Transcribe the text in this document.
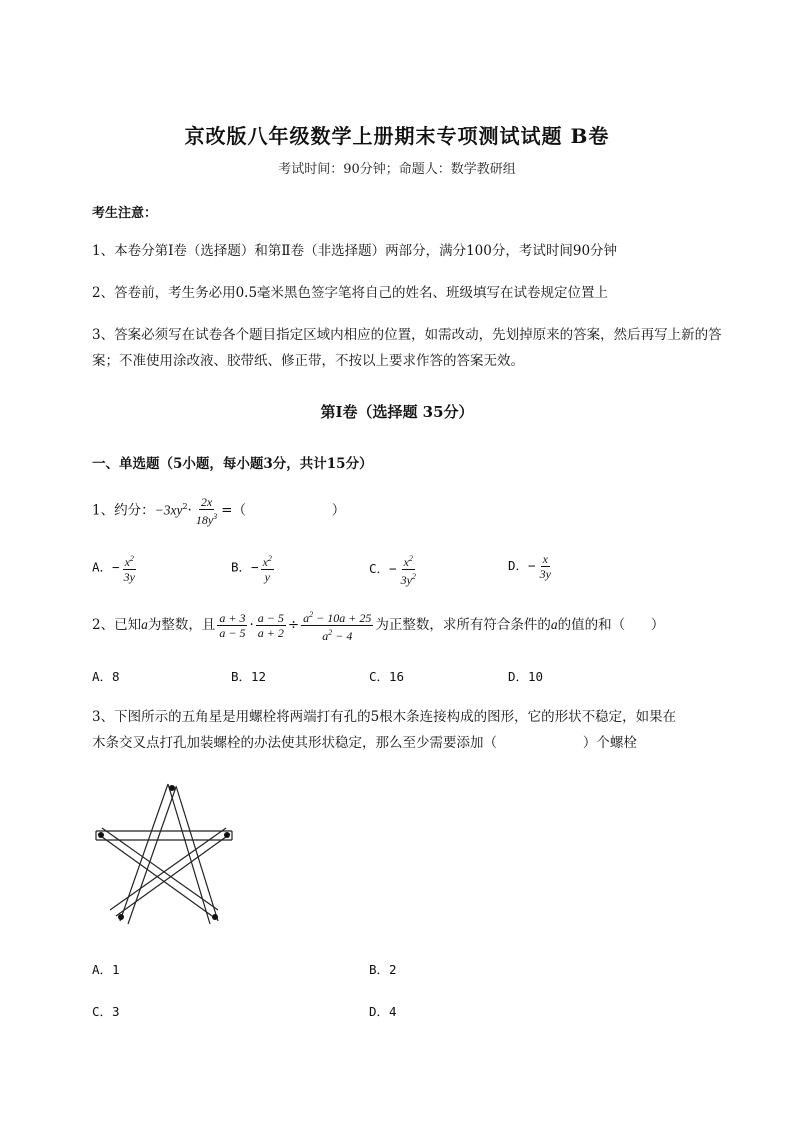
京改版八年级数学上册期末专项测试试题 B卷
考试时间：90分钟；命题人：数学教研组
考生注意：
1、本卷分第I卷（选择题）和第Ⅱ卷（非选择题）两部分，满分100分，考试时间90分钟
2、答卷前，考生务必用0.5毫米黑色签字笔将自己的姓名、班级填写在试卷规定位置上
3、答案必须写在试卷各个题目指定区域内相应的位置，如需改动，先划掉原来的答案，然后再写上新的答案；不准使用涂改液、胶带纸、修正带，不按以上要求作答的答案无效。
第I卷（选择题 35分）
一、单选题（5小题，每小题3分，共计15分）
1、约分：$-3xy^2\cdot \frac{2x}{18y^3}$ =（                    ）
A．− $\frac{x^2}{3y}$	B．− $\frac{x^2}{y}$	C．− $\frac{x^2}{3y^2}$	D．− $\frac{x}{3y}$
2、已知a为整数，且 $\frac{a + 3}{a - 5} \cdot \frac{a - 5}{a + 2} \div \frac{a^2 - 10a + 25}{a^2 - 4}$ 为正整数，求所有符合条件的a的值的和（      ）
A．8	B．12	C．16	D．10
3、下图所示的五角星是用螺栓将两端打有孔的5根木条连接构成的图形，它的形状不稳定，如果在
木条交叉点打孔加装螺栓的办法使其形状稳定，那么至少需要添加（                    ）个螺栓
A．1	B．2
C．3	D．4
